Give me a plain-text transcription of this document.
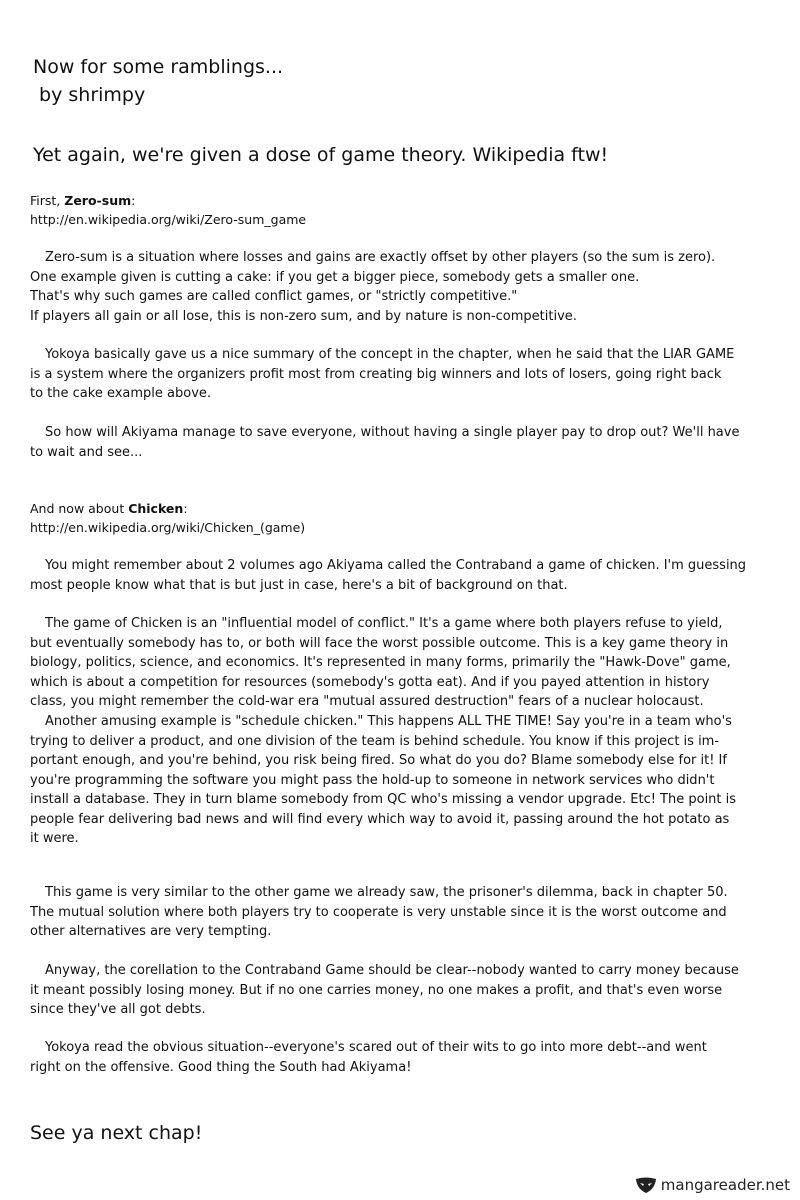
Now for some ramblings...
by shrimpy
Yet again, we're given a dose of game theory. Wikipedia ftw!
First, Zero-sum:
http://en.wikipedia.org/wiki/Zero-sum_game
Zero-sum is a situation where losses and gains are exactly offset by other players (so the sum is zero).
One example given is cutting a cake: if you get a bigger piece, somebody gets a smaller one.
That's why such games are called conflict games, or "strictly competitive."
If players all gain or all lose, this is non-zero sum, and by nature is non-competitive.
Yokoya basically gave us a nice summary of the concept in the chapter, when he said that the LIAR GAME
is a system where the organizers profit most from creating big winners and lots of losers, going right back
to the cake example above.
So how will Akiyama manage to save everyone, without having a single player pay to drop out? We'll have
to wait and see...
And now about Chicken:
http://en.wikipedia.org/wiki/Chicken_(game)
You might remember about 2 volumes ago Akiyama called the Contraband a game of chicken. I'm guessing
most people know what that is but just in case, here's a bit of background on that.
The game of Chicken is an "influential model of conflict." It's a game where both players refuse to yield,
but eventually somebody has to, or both will face the worst possible outcome. This is a key game theory in
biology, politics, science, and economics. It's represented in many forms, primarily the "Hawk-Dove" game,
which is about a competition for resources (somebody's gotta eat). And if you payed attention in history
class, you might remember the cold-war era "mutual assured destruction" fears of a nuclear holocaust.
Another amusing example is "schedule chicken." This happens ALL THE TIME! Say you're in a team who's
trying to deliver a product, and one division of the team is behind schedule. You know if this project is im-
portant enough, and you're behind, you risk being fired. So what do you do? Blame somebody else for it! If
you're programming the software you might pass the hold-up to someone in network services who didn't
install a database. They in turn blame somebody from QC who's missing a vendor upgrade. Etc! The point is
people fear delivering bad news and will find every which way to avoid it, passing around the hot potato as
it were.
This game is very similar to the other game we already saw, the prisoner's dilemma, back in chapter 50.
The mutual solution where both players try to cooperate is very unstable since it is the worst outcome and
other alternatives are very tempting.
Anyway, the corellation to the Contraband Game should be clear--nobody wanted to carry money because
it meant possibly losing money. But if no one carries money, no one makes a profit, and that's even worse
since they've all got debts.
Yokoya read the obvious situation--everyone's scared out of their wits to go into more debt--and went
right on the offensive. Good thing the South had Akiyama!
See ya next chap!
mangareader.net
